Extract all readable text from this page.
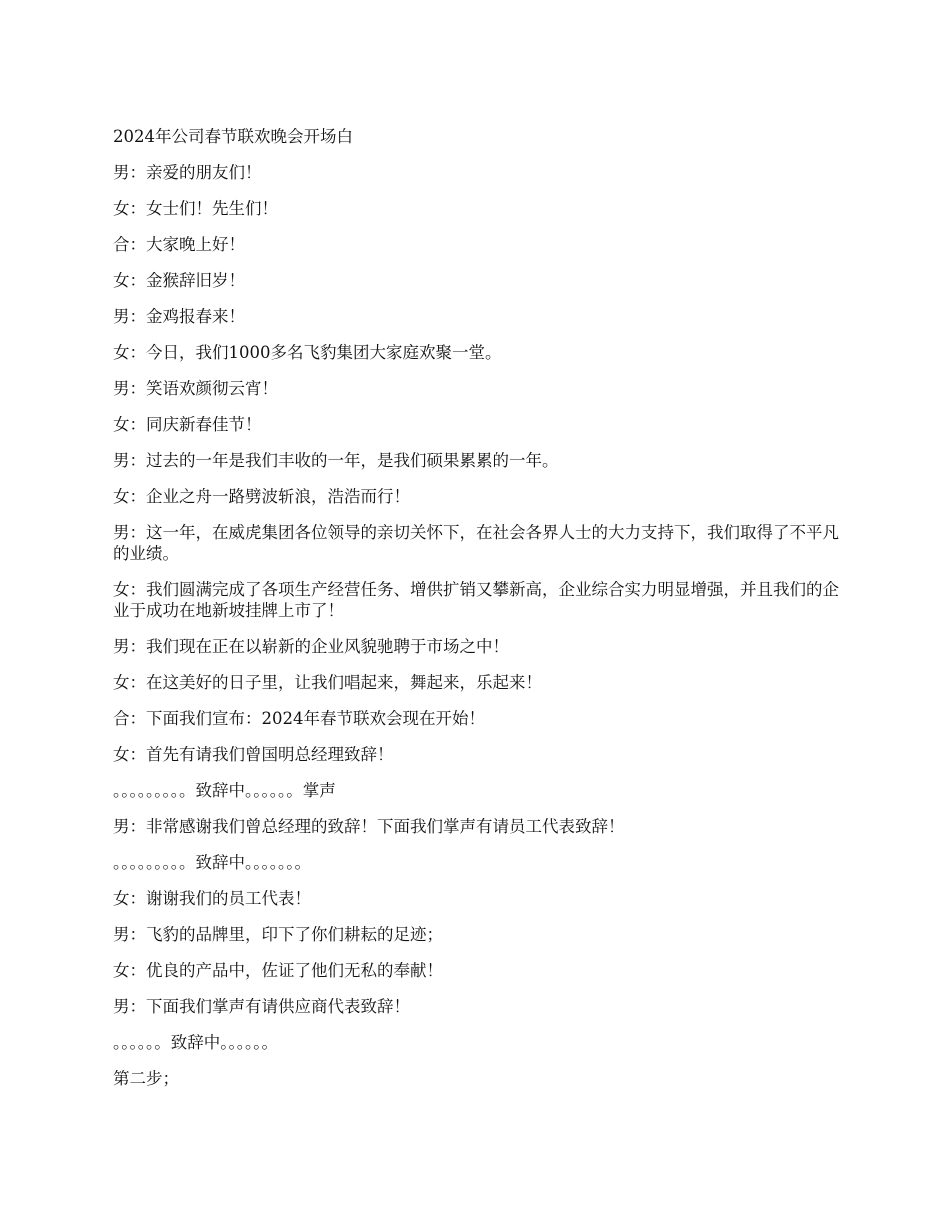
2024年公司春节联欢晚会开场白

男：亲爱的朋友们！

女：女士们！先生们！

合：大家晚上好！

女：金猴辞旧岁！

男：金鸡报春来！

女：今日，我们1000多名飞豹集团大家庭欢聚一堂。

男：笑语欢颜彻云宵！

女：同庆新春佳节！

男：过去的一年是我们丰收的一年，是我们硕果累累的一年。

女：企业之舟一路劈波斩浪，浩浩而行！

男：这一年，在威虎集团各位领导的亲切关怀下，在社会各界人士的大力支持下，我们取得了不平凡的业绩。

女：我们圆满完成了各项生产经营任务、增供扩销又攀新高，企业综合实力明显增强，并且我们的企业于成功在地新坡挂牌上市了！

男：我们现在正在以崭新的企业风貌驰聘于市场之中！

女：在这美好的日子里，让我们唱起来，舞起来，乐起来！

合：下面我们宣布：2024年春节联欢会现在开始！

女：首先有请我们曾国明总经理致辞！

。。。。。。。。。致辞中。。。。。。掌声

男：非常感谢我们曾总经理的致辞！下面我们掌声有请员工代表致辞！

。。。。。。。。。致辞中。。。。。。。

女：谢谢我们的员工代表！

男：飞豹的品牌里，印下了你们耕耘的足迹；

女：优良的产品中，佐证了他们无私的奉献！

男：下面我们掌声有请供应商代表致辞！

。。。。。。致辞中。。。。。。

第二步；
